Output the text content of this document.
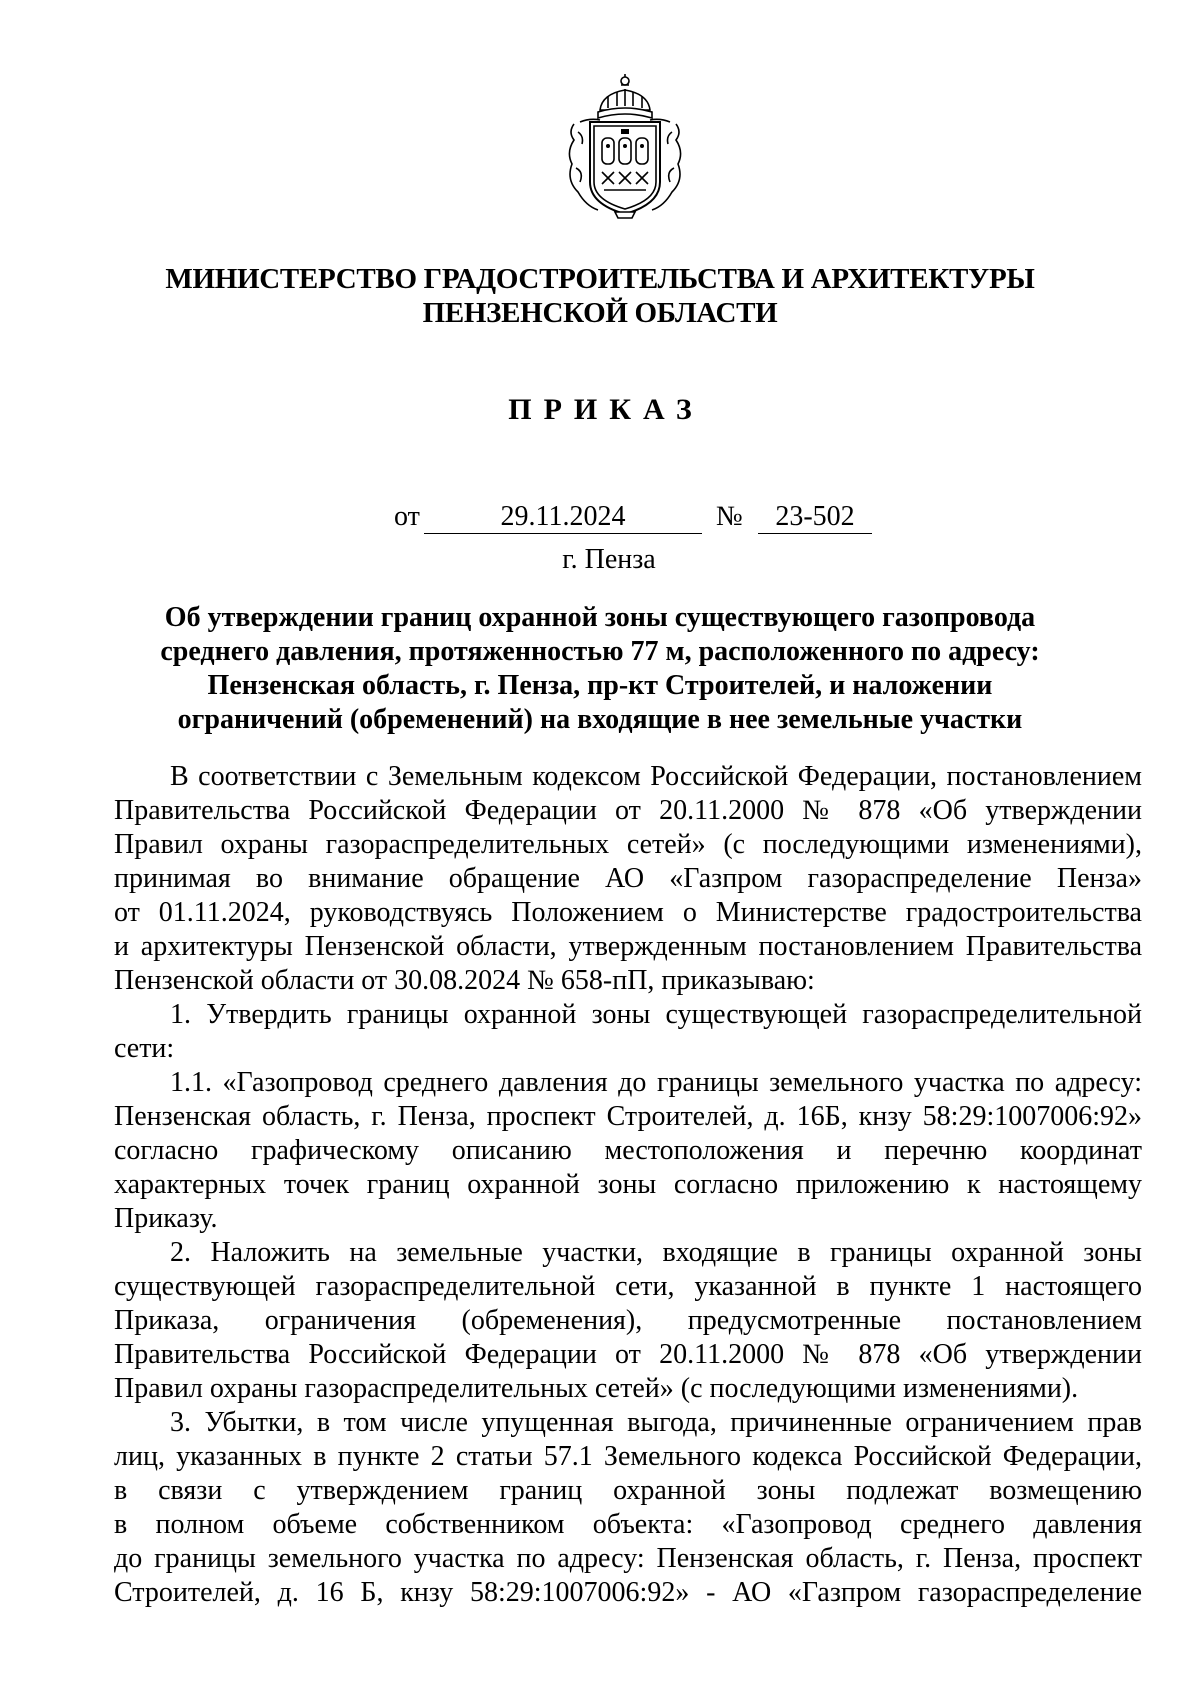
МИНИСТЕРСТВО ГРАДОСТРОИТЕЛЬСТВА И АРХИТЕКТУРЫ
ПЕНЗЕНСКОЙ ОБЛАСТИ
ПРИКАЗ
от	29.11.2024	№	23-502
г. Пенза
Об утверждении границ охранной зоны существующего газопровода
среднего давления, протяженностью 77 м, расположенного по адресу:
Пензенская область, г. Пенза, пр-кт Строителей, и наложении
ограничений (обременений) на входящие в нее земельные участки
В соответствии с Земельным кодексом Российской Федерации, постановлением
Правительства Российской Федерации от 20.11.2000 № 878 «Об утверждении
Правил охраны газораспределительных сетей» (с последующими изменениями),
принимая во внимание обращение АО «Газпром газораспределение Пенза»
от 01.11.2024, руководствуясь Положением о Министерстве градостроительства
и архитектуры Пензенской области, утвержденным постановлением Правительства
Пензенской области от 30.08.2024 № 658-пП, приказываю:
1. Утвердить границы охранной зоны существующей газораспределительной
сети:
1.1. «Газопровод среднего давления до границы земельного участка по адресу:
Пензенская область, г. Пенза, проспект Строителей, д. 16Б, кнзу 58:29:1007006:92»
согласно графическому описанию местоположения и перечню координат
характерных точек границ охранной зоны согласно приложению к настоящему
Приказу.
2. Наложить на земельные участки, входящие в границы охранной зоны
существующей газораспределительной сети, указанной в пункте 1 настоящего
Приказа, ограничения (обременения), предусмотренные постановлением
Правительства Российской Федерации от 20.11.2000 № 878 «Об утверждении
Правил охраны газораспределительных сетей» (с последующими изменениями).
3. Убытки, в том числе упущенная выгода, причиненные ограничением прав
лиц, указанных в пункте 2 статьи 57.1 Земельного кодекса Российской Федерации,
в связи с утверждением границ охранной зоны подлежат возмещению
в полном объеме собственником объекта: «Газопровод среднего давления
до границы земельного участка по адресу: Пензенская область, г. Пенза, проспект
Строителей, д. 16 Б, кнзу 58:29:1007006:92» - АО «Газпром газораспределение
